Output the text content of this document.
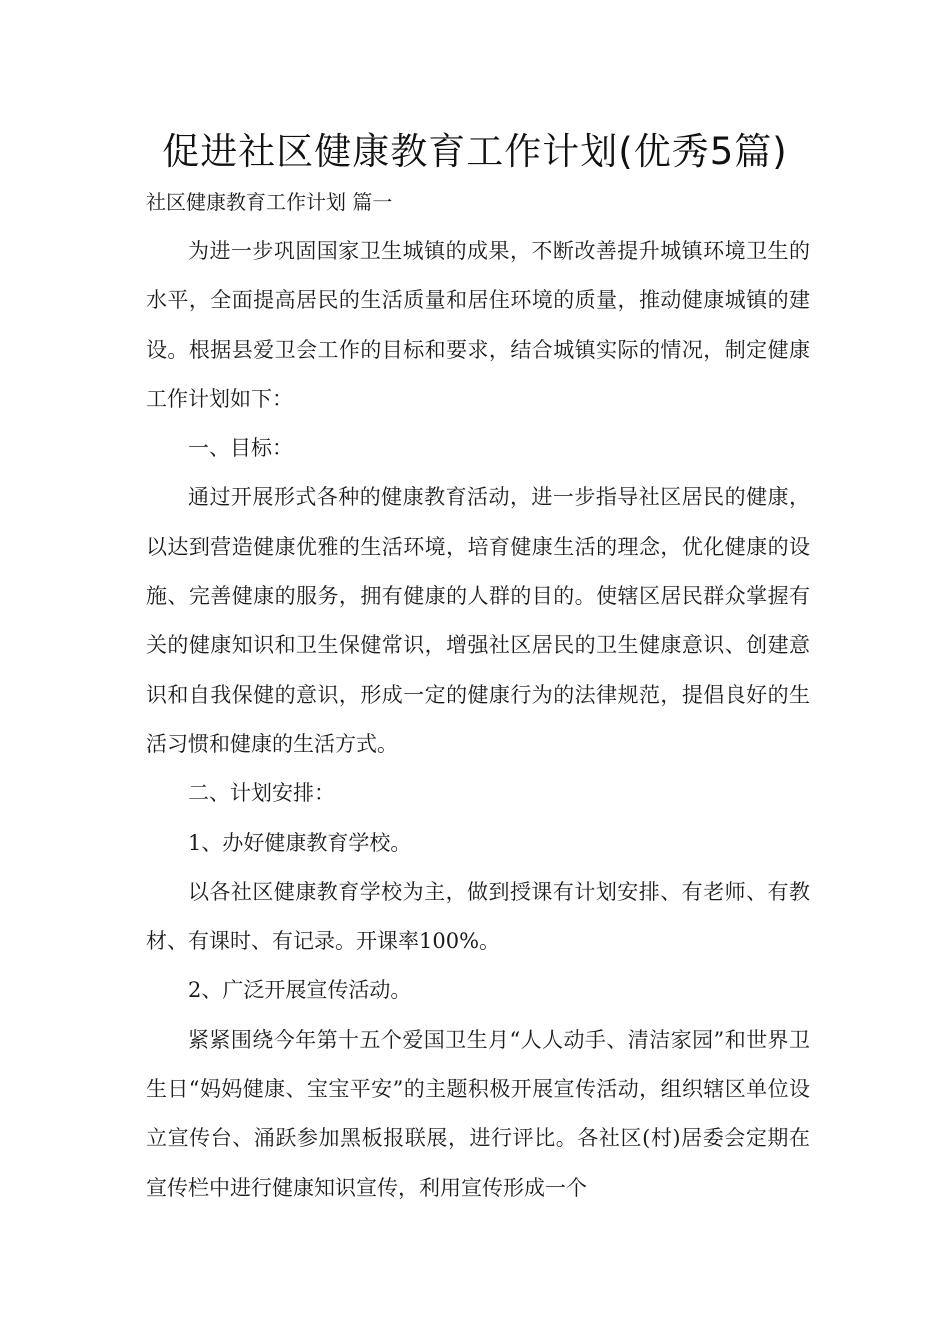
促进社区健康教育工作计划(优秀5篇)
社区健康教育工作计划 篇一

为进一步巩固国家卫生城镇的成果，不断改善提升城镇环境卫生的水平，全面提高居民的生活质量和居住环境的质量，推动健康城镇的建设。根据县爱卫会工作的目标和要求，结合城镇实际的情况，制定健康工作计划如下：

一、目标：

通过开展形式各种的健康教育活动，进一步指导社区居民的健康，以达到营造健康优雅的生活环境，培育健康生活的理念，优化健康的设施、完善健康的服务，拥有健康的人群的目的。使辖区居民群众掌握有关的健康知识和卫生保健常识，增强社区居民的卫生健康意识、创建意识和自我保健的意识，形成一定的健康行为的法律规范，提倡良好的生活习惯和健康的生活方式。

二、计划安排：

1、办好健康教育学校。

以各社区健康教育学校为主，做到授课有计划安排、有老师、有教材、有课时、有记录。开课率100%。

2、广泛开展宣传活动。

紧紧围绕今年第十五个爱国卫生月“人人动手、清洁家园”和世界卫生日“妈妈健康、宝宝平安”的主题积极开展宣传活动，组织辖区单位设立宣传台、涌跃参加黑板报联展，进行评比。各社区(村)居委会定期在宣传栏中进行健康知识宣传，利用宣传形成一个
